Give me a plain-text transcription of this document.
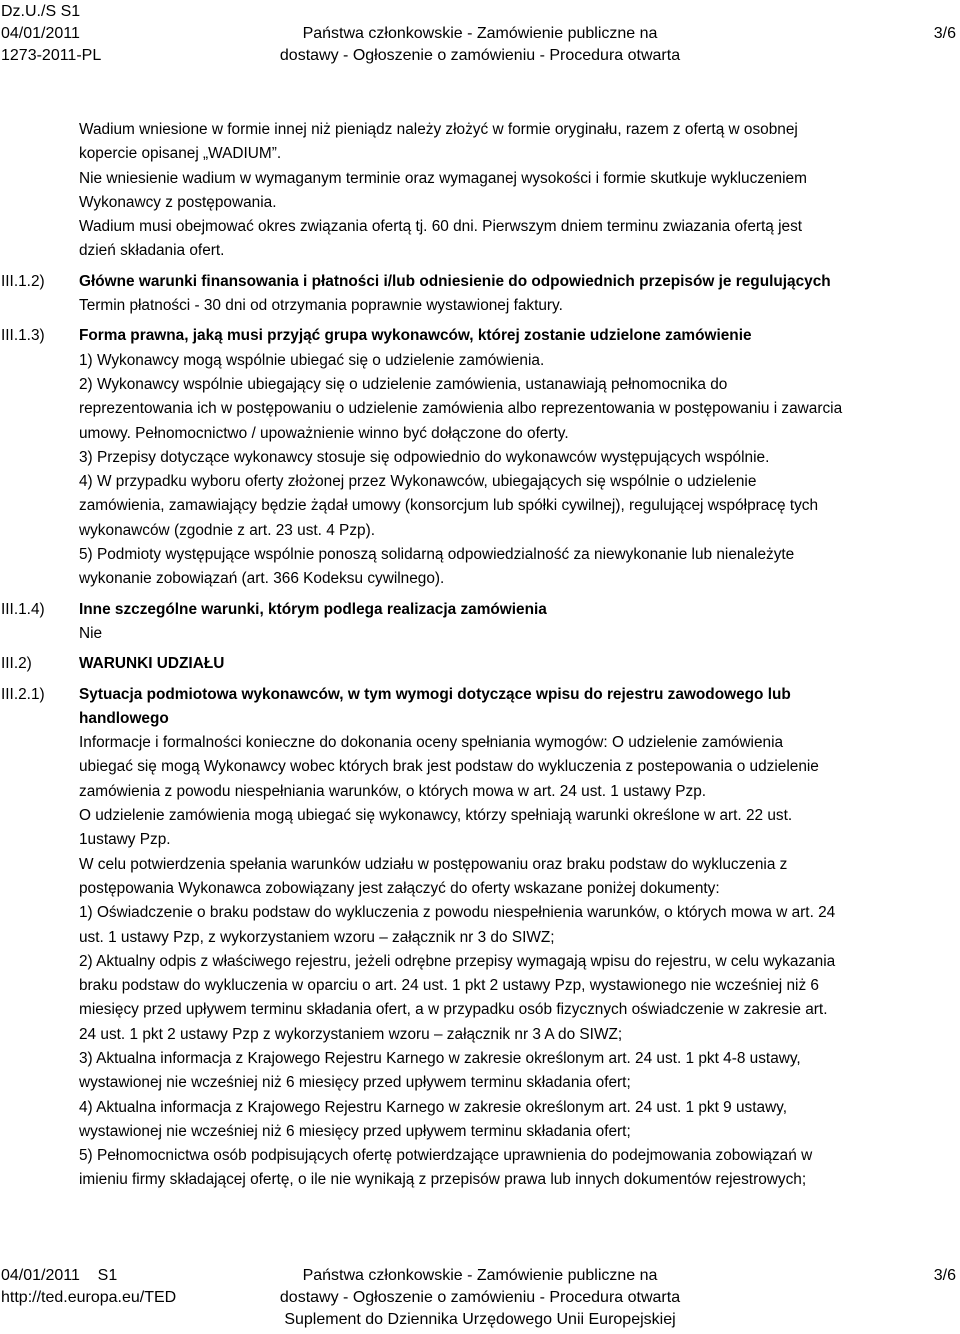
Dz.U./S S1
04/01/2011
1273-2011-PL
Państwa członkowskie - Zamówienie publiczne na
dostawy - Ogłoszenie o zamówieniu - Procedura otwarta
3/6

Wadium wniesione w formie innej niż pieniądz należy złożyć w formie oryginału, razem z ofertą w osobnej

kopercie opisanej „WADIUM”.

Nie wniesienie wadium w wymaganym terminie oraz wymaganej wysokości i formie skutkuje wykluczeniem

Wykonawcy z postępowania.

Wadium musi obejmować okres związania ofertą tj. 60 dni. Pierwszym dniem terminu zwiazania ofertą jest

dzień składania ofert.

III.1.2)	Główne warunki finansowania i płatności i/lub odniesienie do odpowiednich przepisów je regulujących

Termin płatności - 30 dni od otrzymania poprawnie wystawionej faktury.

III.1.3)	Forma prawna, jaką musi przyjąć grupa wykonawców, której zostanie udzielone zamówienie

1) Wykonawcy mogą wspólnie ubiegać się o udzielenie zamówienia.

2) Wykonawcy wspólnie ubiegający się o udzielenie zamówienia, ustanawiają pełnomocnika do

reprezentowania ich w postępowaniu o udzielenie zamówienia albo reprezentowania w postępowaniu i zawarcia

umowy. Pełnomocnictwo / upoważnienie winno być dołączone do oferty.

3) Przepisy dotyczące wykonawcy stosuje się odpowiednio do wykonawców występujących wspólnie.

4) W przypadku wyboru oferty złożonej przez Wykonawców, ubiegających się wspólnie o udzielenie

zamówienia, zamawiający będzie żądał umowy (konsorcjum lub spółki cywilnej), regulującej współpracę tych

wykonawców (zgodnie z art. 23 ust. 4 Pzp).

5) Podmioty występujące wspólnie ponoszą solidarną odpowiedzialność za niewykonanie lub nienależyte

wykonanie zobowiązań (art. 366 Kodeksu cywilnego).

III.1.4)	Inne szczególne warunki, którym podlega realizacja zamówienia

Nie

III.2)	WARUNKI UDZIAŁU

III.2.1)	Sytuacja podmiotowa wykonawców, w tym wymogi dotyczące wpisu do rejestru zawodowego lub

handlowego

Informacje i formalności konieczne do dokonania oceny spełniania wymogów: O udzielenie zamówienia

ubiegać się mogą Wykonawcy wobec których brak jest podstaw do wykluczenia z postepowania o udzielenie

zamówienia z powodu niespełniania warunków, o których mowa w art. 24 ust. 1 ustawy Pzp.

O udzielenie zamówienia mogą ubiegać się wykonawcy, którzy spełniają warunki określone w art. 22 ust.

1ustawy Pzp.

W celu potwierdzenia spełania warunków udziału w postępowaniu oraz braku podstaw do wykluczenia z

postępowania Wykonawca zobowiązany jest załączyć do oferty wskazane poniżej dokumenty:

1) Oświadczenie o braku podstaw do wykluczenia z powodu niespełnienia warunków, o których mowa w art. 24

ust. 1 ustawy Pzp, z wykorzystaniem wzoru – załącznik nr 3 do SIWZ;

2) Aktualny odpis z właściwego rejestru, jeżeli odrębne przepisy wymagają wpisu do rejestru, w celu wykazania

braku podstaw do wykluczenia w oparciu o art. 24 ust. 1 pkt 2 ustawy Pzp, wystawionego nie wcześniej niż 6

miesięcy przed upływem terminu składania ofert, a w przypadku osób fizycznych oświadczenie w zakresie art.

24 ust. 1 pkt 2 ustawy Pzp z wykorzystaniem wzoru – załącznik nr 3 A do SIWZ;

3) Aktualna informacja z Krajowego Rejestru Karnego w zakresie określonym art. 24 ust. 1 pkt 4-8 ustawy,

wystawionej nie wcześniej niż 6 miesięcy przed upływem terminu składania ofert;

4) Aktualna informacja z Krajowego Rejestru Karnego w zakresie określonym art. 24 ust. 1 pkt 9 ustawy,

wystawionej nie wcześniej niż 6 miesięcy przed upływem terminu składania ofert;

5) Pełnomocnictwa osób podpisujących ofertę potwierdzające uprawnienia do podejmowania zobowiązań w

imieniu firmy składającej ofertę, o ile nie wynikają z przepisów prawa lub innych dokumentów rejestrowych;

04/01/2011    S1
http://ted.europa.eu/TED
Państwa członkowskie - Zamówienie publiczne na
dostawy - Ogłoszenie o zamówieniu - Procedura otwarta
Suplement do Dziennika Urzędowego Unii Europejskiej
3/6
